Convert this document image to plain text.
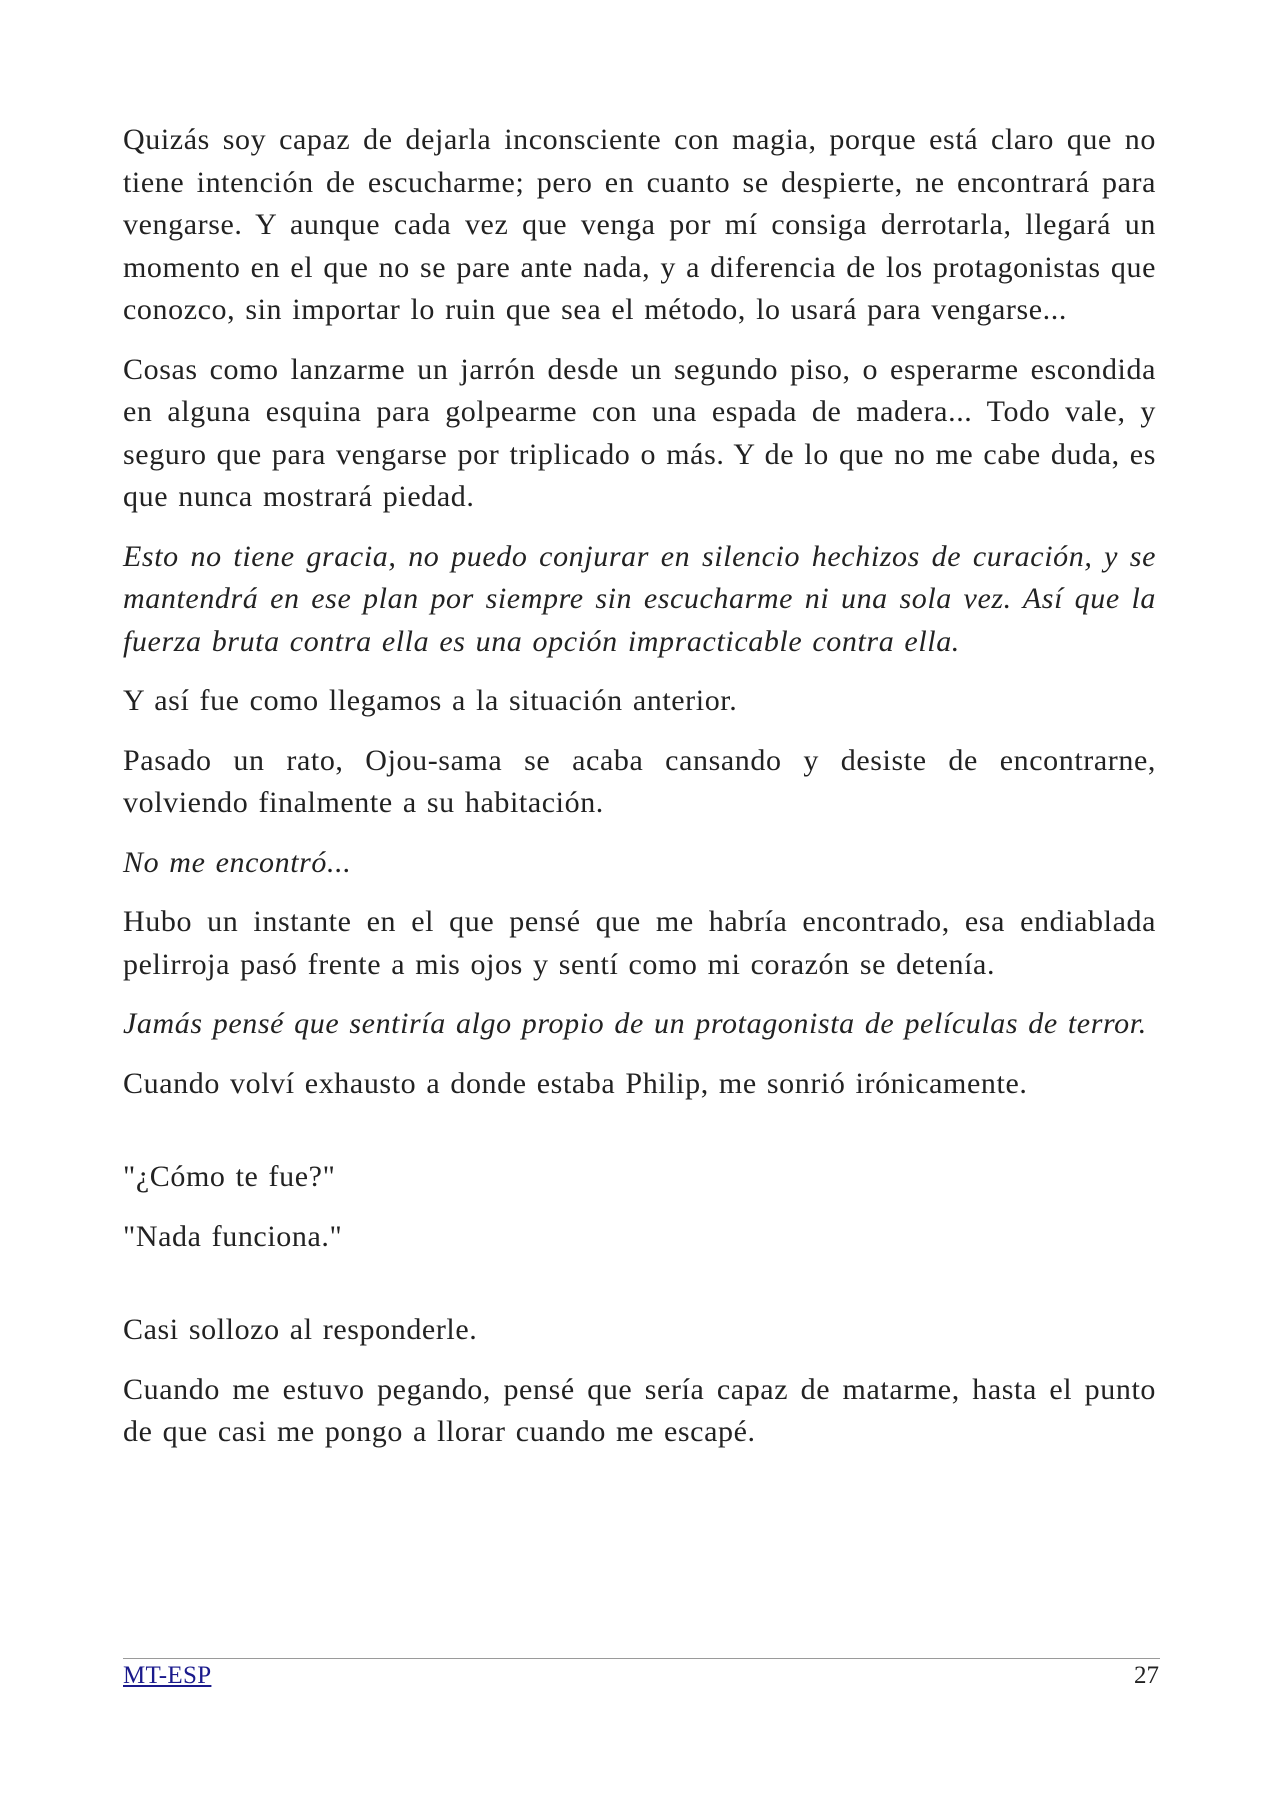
Quizás soy capaz de dejarla inconsciente con magia, porque está claro que no tiene intención de escucharme; pero en cuanto se despierte, ne encontrará para vengarse. Y aunque cada vez que venga por mí consiga derrotarla, llegará un momento en el que no se pare ante nada, y a diferencia de los protagonistas que conozco, sin importar lo ruin que sea el método, lo usará para vengarse...

Cosas como lanzarme un jarrón desde un segundo piso, o esperarme escondida en alguna esquina para golpearme con una espada de madera... Todo vale, y seguro que para vengarse por triplicado o más. Y de lo que no me cabe duda, es que nunca mostrará piedad.

Esto no tiene gracia, no puedo conjurar en silencio hechizos de curación, y se mantendrá en ese plan por siempre sin escucharme ni una sola vez. Así que la fuerza bruta contra ella es una opción impracticable contra ella.

Y así fue como llegamos a la situación anterior.

Pasado un rato, Ojou-sama se acaba cansando y desiste de encontrarne, volviendo finalmente a su habitación.

No me encontró...

Hubo un instante en el que pensé que me habría encontrado, esa endiablada pelirroja pasó frente a mis ojos y sentí como mi corazón se detenía.

Jamás pensé que sentiría algo propio de un protagonista de películas de terror.

Cuando volví exhausto a donde estaba Philip, me sonrió irónicamente.

"¿Cómo te fue?"

"Nada funciona."

Casi sollozo al responderle.

Cuando me estuvo pegando, pensé que sería capaz de matarme, hasta el punto de que casi me pongo a llorar cuando me escapé.

MT-ESP	27
